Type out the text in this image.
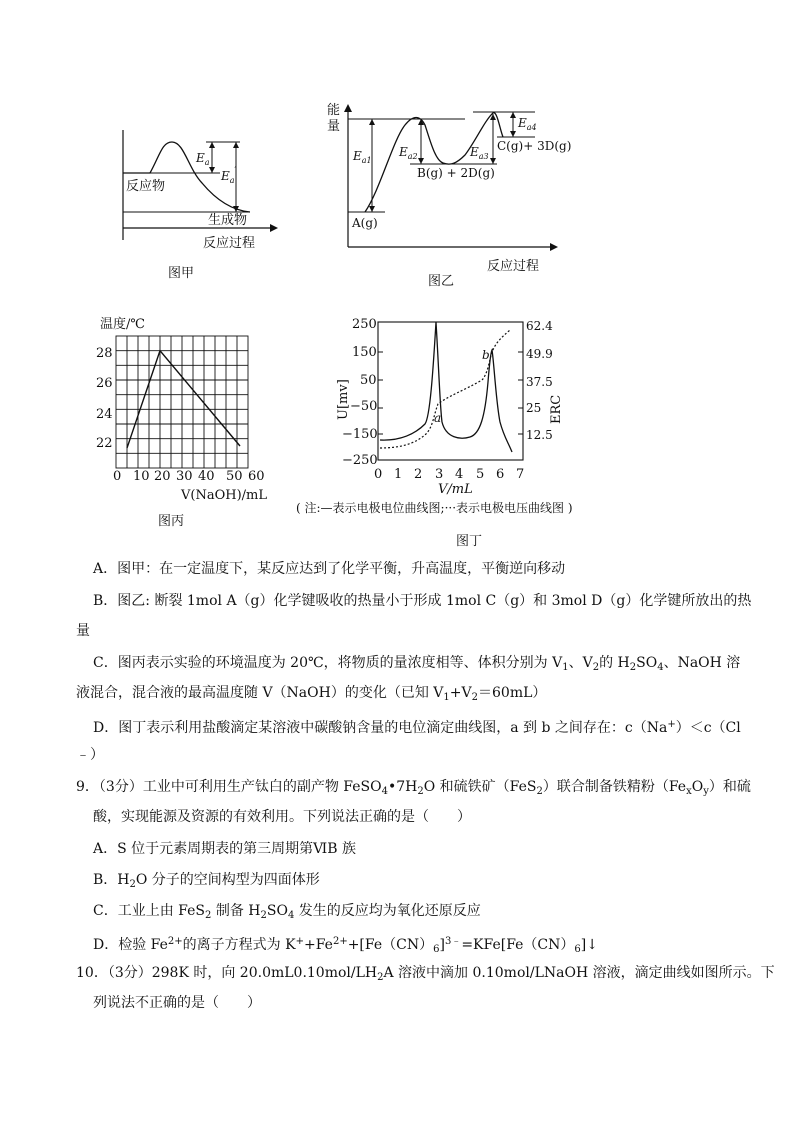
$E_a$
$E_a'$
反应物
生成物
反应过程
图甲
能
量
$E_{a1}$
$E_{a2}$	$E_{a3}$
$E_{a4}$
A(g)
B(g) + 2D(g)
C(g)+ 3D(g)
反应过程
图乙
温度/℃
28
26
24
22
0 10 20 30 40 50 60
V(NaOH)/mL
图丙
a
b
250
150
50
−50
−150
−250
62.4
49.9
37.5
25
12.5
U[mv]	ERC
0 1 2 3 4 5 6 7
V/mL
( 注:—表示电极电位曲线图;···表示电极电压曲线图 )
图丁
A．图甲：在一定温度下，某反应达到了化学平衡，升高温度，平衡逆向移动
B．图乙: 断裂 1mol A（g）化学键吸收的热量小于形成 1mol C（g）和 3mol D（g）化学键所放出的热
量
C．图丙表示实验的环境温度为 20℃，将物质的量浓度相等、体积分别为 $V_1$、$V_2$的 $H_2SO_4$、NaOH 溶
液混合，混合液的最高温度随 V（NaOH）的变化（已知 $V_1+V_2=60mL$）
D．图丁表示利用盐酸滴定某溶液中碳酸钠含量的电位滴定曲线图，a 到 b 之间存在：c（Na+）＜c（Cl
﹣）
9．（3分）工业中可利用生产钛白的副产物 $FeSO_4•7H_2O$ 和硫铁矿（FeS$_2$）联合制备铁精粉$(Fe_xO_y)$和硫
酸，实现能源及资源的有效利用。下列说法正确的是（　　）
A．S 位于元素周期表的第三周期第ⅥB 族
B．$H_2O$ 分子的空间构型为四面体形
C．工业上由 FeS$_2$ 制备 $H_2SO_4$ 发生的反应均为氧化还原反应
D．检验 $Fe^{2+}$的离子方程式为 $K^++Fe^{2+}+[Fe(CN)_6]^{3﹣}=KFe[Fe(CN)_6]↓$
10．（3分）298K 时，向 $20.0mL0.10mol/LH_2A$ 溶液中滴加 0.10mol/LNaOH 溶液，滴定曲线如图所示。下
列说法不正确的是（　　）
